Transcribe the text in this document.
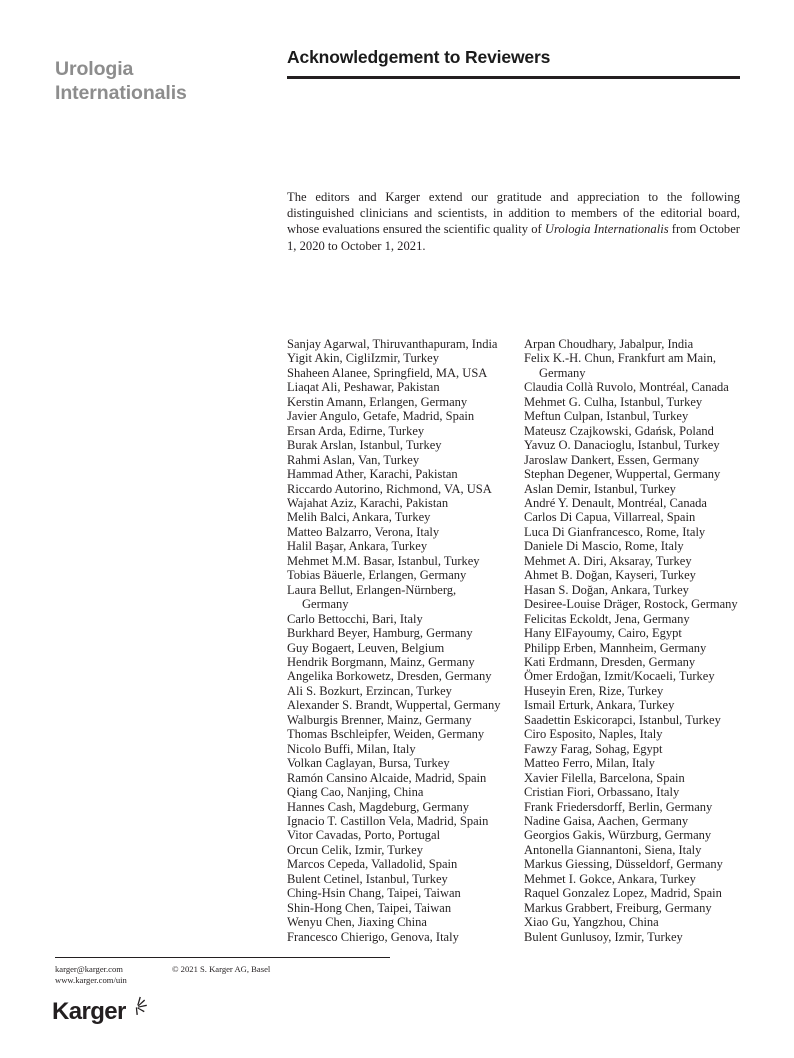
Urologia
Internationalis
Acknowledgement to Reviewers

The editors and Karger extend our gratitude and appreciation to the following distinguished clinicians and scientists, in addition to members of the editorial board, whose evaluations ensured the scientific quality of Urologia Internationalis from October 1, 2020 to October 1, 2021.

Sanjay Agarwal, Thiruvanthapuram, India
Yigit Akin, CigliIzmir, Turkey
Shaheen Alanee, Springfield, MA, USA
Liaqat Ali, Peshawar, Pakistan
Kerstin Amann, Erlangen, Germany
Javier Angulo, Getafe, Madrid, Spain
Ersan Arda, Edirne, Turkey
Burak Arslan, Istanbul, Turkey
Rahmi Aslan, Van, Turkey
Hammad Ather, Karachi, Pakistan
Riccardo Autorino, Richmond, VA, USA
Wajahat Aziz, Karachi, Pakistan
Melih Balci, Ankara, Turkey
Matteo Balzarro, Verona, Italy
Halil Başar, Ankara, Turkey
Mehmet M.M. Basar, Istanbul, Turkey
Tobias Bäuerle, Erlangen, Germany
Laura Bellut, Erlangen-Nürnberg, Germany
Carlo Bettocchi, Bari, Italy
Burkhard Beyer, Hamburg, Germany
Guy Bogaert, Leuven, Belgium
Hendrik Borgmann, Mainz, Germany
Angelika Borkowetz, Dresden, Germany
Ali S. Bozkurt, Erzincan, Turkey
Alexander S. Brandt, Wuppertal, Germany
Walburgis Brenner, Mainz, Germany
Thomas Bschleipfer, Weiden, Germany
Nicolo Buffi, Milan, Italy
Volkan Caglayan, Bursa, Turkey
Ramón Cansino Alcaide, Madrid, Spain
Qiang Cao, Nanjing, China
Hannes Cash, Magdeburg, Germany
Ignacio T. Castillon Vela, Madrid, Spain
Vitor Cavadas, Porto, Portugal
Orcun Celik, Izmir, Turkey
Marcos Cepeda, Valladolid, Spain
Bulent Cetinel, Istanbul, Turkey
Ching-Hsin Chang, Taipei, Taiwan
Shin-Hong Chen, Taipei, Taiwan
Wenyu Chen, Jiaxing China
Francesco Chierigo, Genova, Italy
Arpan Choudhary, Jabalpur, India
Felix K.-H. Chun, Frankfurt am Main, Germany
Claudia Collà Ruvolo, Montréal, Canada
Mehmet G. Culha, Istanbul, Turkey
Meftun Culpan, Istanbul, Turkey
Mateusz Czajkowski, Gdańsk, Poland
Yavuz O. Danacioglu, Istanbul, Turkey
Jaroslaw Dankert, Essen, Germany
Stephan Degener, Wuppertal, Germany
Aslan Demir, Istanbul, Turkey
André Y. Denault, Montréal, Canada
Carlos Di Capua, Villarreal, Spain
Luca Di Gianfrancesco, Rome, Italy
Daniele Di Mascio, Rome, Italy
Mehmet A. Diri, Aksaray, Turkey
Ahmet B. Doğan, Kayseri, Turkey
Hasan S. Doğan, Ankara, Turkey
Desiree-Louise Dräger, Rostock, Germany
Felicitas Eckoldt, Jena, Germany
Hany ElFayoumy, Cairo, Egypt
Philipp Erben, Mannheim, Germany
Kati Erdmann, Dresden, Germany
Ömer Erdoğan, Izmit/Kocaeli, Turkey
Huseyin Eren, Rize, Turkey
Ismail Erturk, Ankara, Turkey
Saadettin Eskicorapci, Istanbul, Turkey
Ciro Esposito, Naples, Italy
Fawzy Farag, Sohag, Egypt
Matteo Ferro, Milan, Italy
Xavier Filella, Barcelona, Spain
Cristian Fiori, Orbassano, Italy
Frank Friedersdorff, Berlin, Germany
Nadine Gaisa, Aachen, Germany
Georgios Gakis, Würzburg, Germany
Antonella Giannantoni, Siena, Italy
Markus Giessing, Düsseldorf, Germany
Mehmet I. Gokce, Ankara, Turkey
Raquel Gonzalez Lopez, Madrid, Spain
Markus Grabbert, Freiburg, Germany
Xiao Gu, Yangzhou, China
Bulent Gunlusoy, Izmir, Turkey
karger@karger.com
www.karger.com/uin
© 2021 S. Karger AG, Basel
Karger
